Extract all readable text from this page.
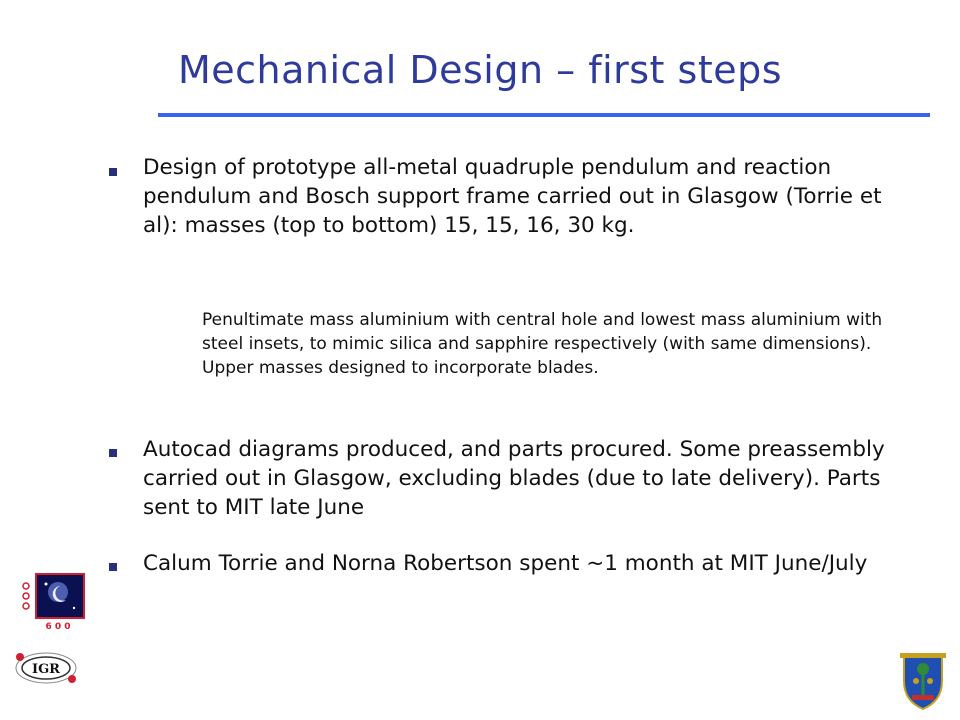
Mechanical Design – first steps
Design of prototype all-metal quadruple pendulum and reaction pendulum and Bosch support frame carried out in Glasgow (Torrie et al): masses (top to bottom) 15, 15, 16, 30 kg.
Penultimate mass aluminium with central hole and lowest mass aluminium with steel insets, to mimic silica and sapphire respectively (with same dimensions). Upper masses designed to incorporate blades.
Autocad diagrams produced, and parts procured. Some preassembly carried out in Glasgow, excluding blades (due to late delivery). Parts sent to MIT late June
Calum Torrie and Norna Robertson spent ~1 month at MIT June/July
6 0 0
IGR
